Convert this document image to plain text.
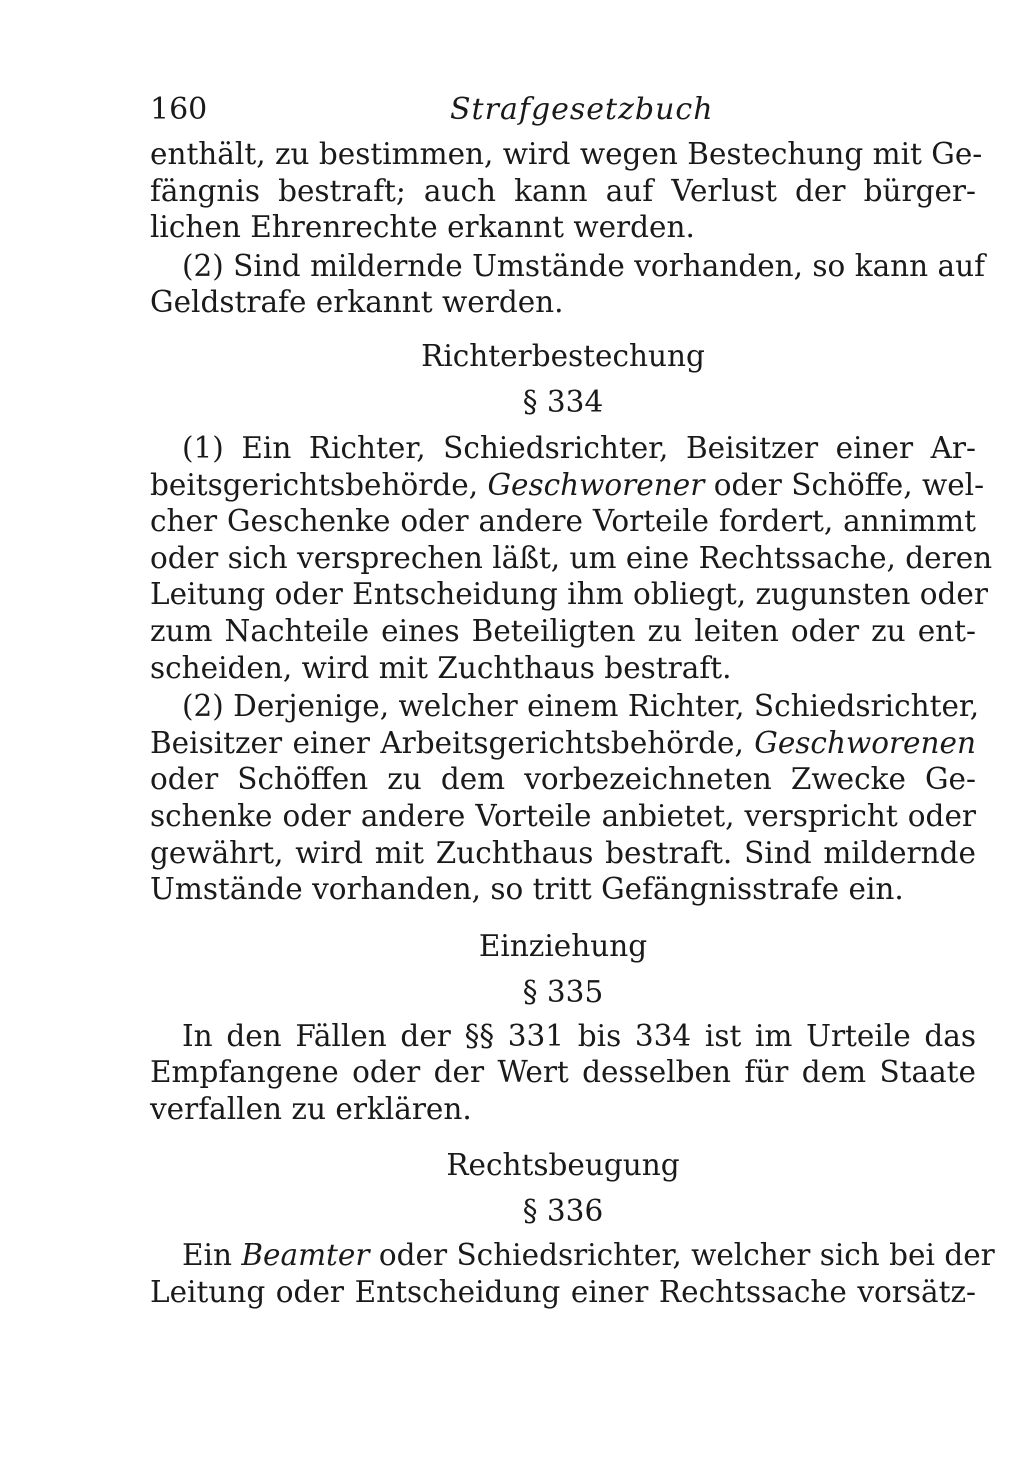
160	Strafgesetzbuch

enthält, zu bestimmen, wird wegen Bestechung mit Ge-
fängnis bestraft; auch kann auf Verlust der bürger-
lichen Ehrenrechte erkannt werden.

(2) Sind mildernde Umstände vorhanden, so kann auf
Geldstrafe erkannt werden.

Richterbestechung

§ 334

(1) Ein Richter, Schiedsrichter, Beisitzer einer Ar-
beitsgerichtsbehörde, Geschworener oder Schöffe, wel-
cher Geschenke oder andere Vorteile fordert, annimmt
oder sich versprechen läßt, um eine Rechtssache, deren
Leitung oder Entscheidung ihm obliegt, zugunsten oder
zum Nachteile eines Beteiligten zu leiten oder zu ent-
scheiden, wird mit Zuchthaus bestraft.

(2) Derjenige, welcher einem Richter, Schiedsrichter,
Beisitzer einer Arbeitsgerichtsbehörde, Geschworenen
oder Schöffen zu dem vorbezeichneten Zwecke Ge-
schenke oder andere Vorteile anbietet, verspricht oder
gewährt, wird mit Zuchthaus bestraft. Sind mildernde
Umstände vorhanden, so tritt Gefängnisstrafe ein.

Einziehung

§ 335

In den Fällen der §§ 331 bis 334 ist im Urteile das
Empfangene oder der Wert desselben für dem Staate
verfallen zu erklären.

Rechtsbeugung

§ 336

Ein Beamter oder Schiedsrichter, welcher sich bei der
Leitung oder Entscheidung einer Rechtssache vorsätz-
